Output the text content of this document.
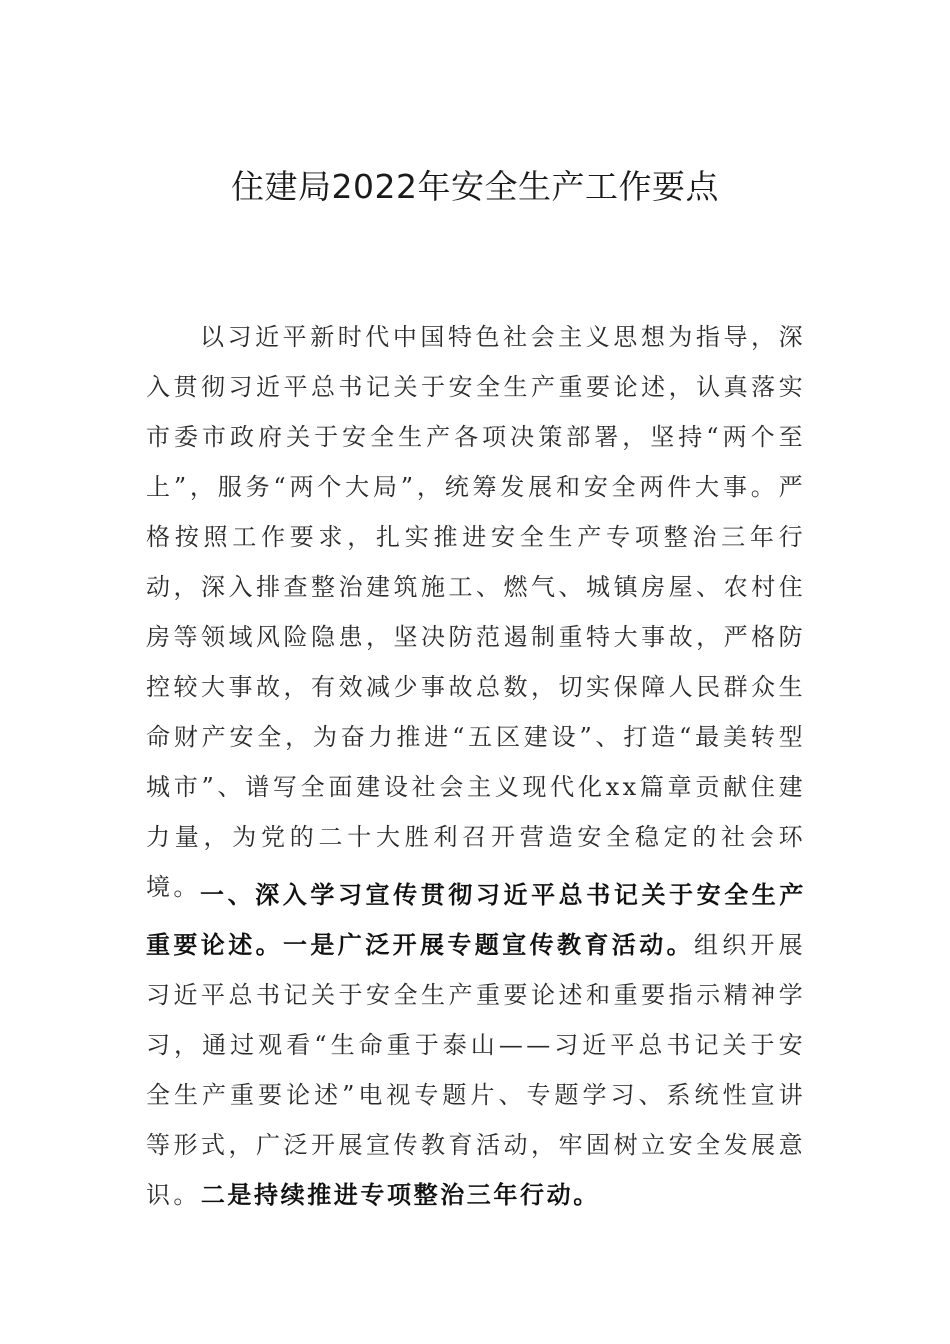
住建局2022年安全生产工作要点

以习近平新时代中国特色社会主义思想为指导，深入贯彻习近平总书记关于安全生产重要论述，认真落实市委市政府关于安全生产各项决策部署，坚持“两个至上”，服务“两个大局”，统筹发展和安全两件大事。严格按照工作要求，扎实推进安全生产专项整治三年行动，深入排查整治建筑施工、燃气、城镇房屋、农村住房等领域风险隐患，坚决防范遏制重特大事故，严格防控较大事故，有效减少事故总数，切实保障人民群众生命财产安全，为奋力推进“五区建设”、打造“最美转型城市”、谱写全面建设社会主义现代化xx篇章贡献住建力量，为党的二十大胜利召开营造安全稳定的社会环境。 一、深入学习宣传贯彻习近平总书记关于安全生产重要论述。一是广泛开展专题宣传教育活动。组织开展习近平总书记关于安全生产重要论述和重要指示精神学习，通过观看“生命重于泰山——习近平总书记关于安全生产重要论述”电视专题片、专题学习、系统性宣讲等形式，广泛开展宣传教育活动，牢固树立安全发展意识。二是持续推进专项整治三年行动。
